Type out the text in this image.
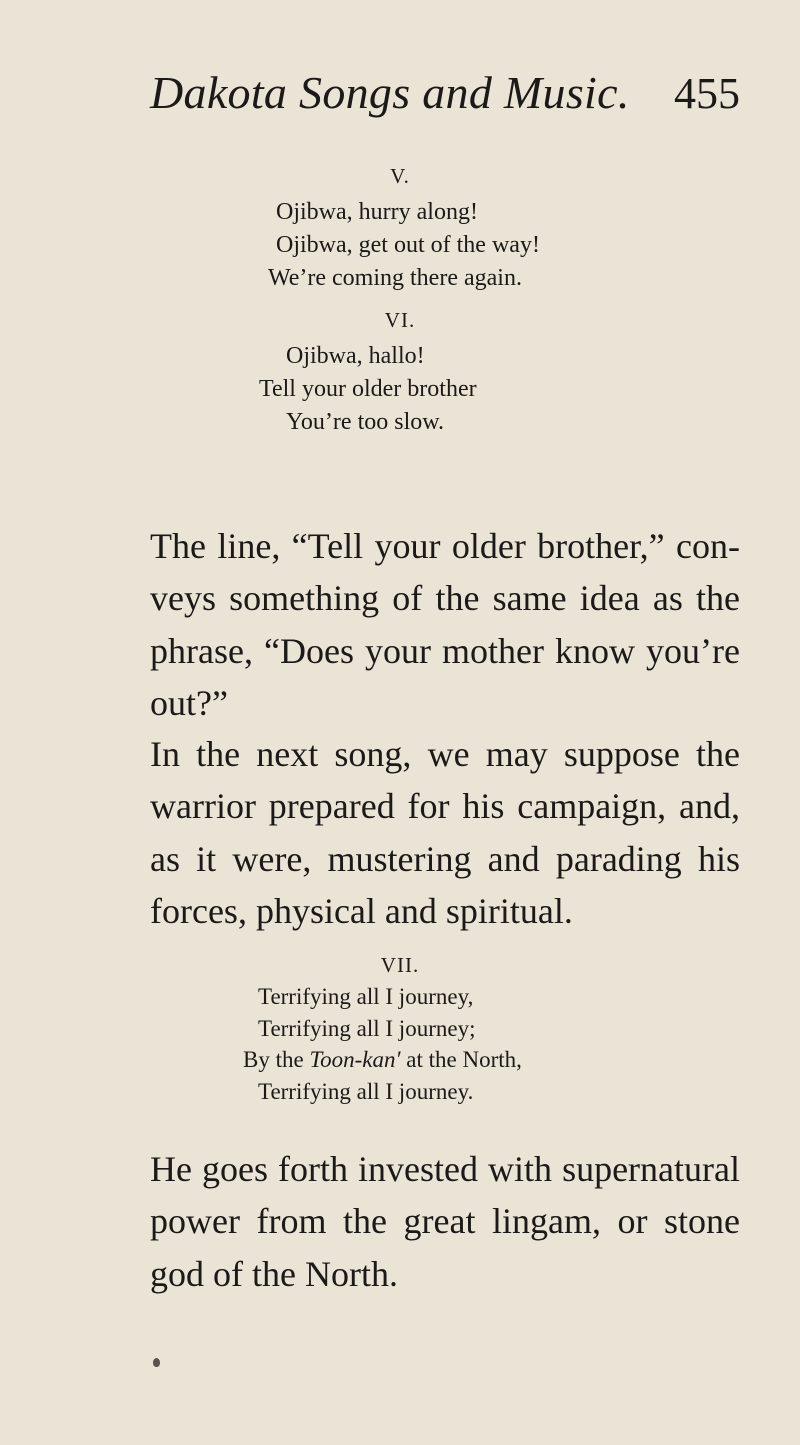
Dakota Songs and Music. 455
V.
Ojibwa, hurry along!
Ojibwa, get out of the way!
We’re coming there again.
VI.
Ojibwa, hallo!
Tell your older brother
You’re too slow.

The line, “Tell your older brother,” con-veys something of the same idea as the phrase, “Does your mother know you’re out?”

In the next song, we may suppose the warrior prepared for his campaign, and, as it were, mustering and parading his forces, physical and spiritual.

VII.
Terrifying all I journey,
Terrifying all I journey;
By the Toon-kan′ at the North,
Terrifying all I journey.

He goes forth invested with supernatural power from the great lingam, or stone god of the North.
